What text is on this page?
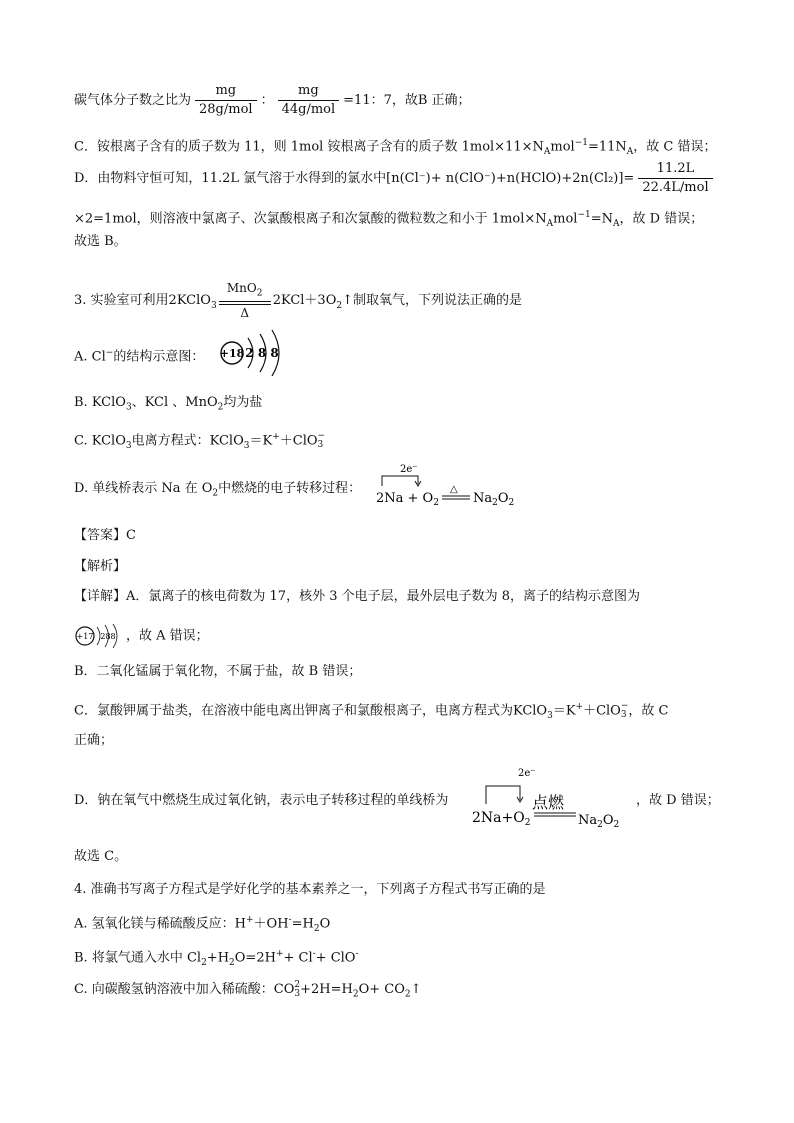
碳气体分子数之比为 $\frac{mg}{\text{28g/mol}}$ ： $\frac{mg}{\text{44g/mol}} =11$：7，故B 正确；
C．铵根离子含有的质子数为 11，则 1mol 铵根离子含有的质子数 $1mol\times 11\times N_Amol^{-1}=11N_A$，故 C 错误；
D．由物料守恒可知，11.2L 氯气溶于水得到的氯水中[n(Cl⁻)+ n(ClO⁻)+n(HClO)+2n(Cl₂)]= $\frac{11.2L}{\text{22.4L/mol}}$
×2=1mol，则溶液中氯离子、次氯酸根离子和次氯酸的微粒数之和小于 $1mol\times N_Amol^{-1}=N_A$，故 D 错误；
故选 B。
3. 实验室可利用2KClO$_3$
MnO$_2$
Δ
$2KCl+3O_2↑$制取氧气，下列说法正确的是
A. Cl−的结构示意图： +18 2 8 8
B. KClO$_3$、KCl 、MnO$_2$均为盐
C. KClO$_3$电离方程式：KClO$_3$＝K+＋ClO −
3
D. 单线桥表示 Na 在 $O_2$中燃烧的电子转移过程：
2e⁻
$2Na + O_2$
△
$Na_2O_2$
【答案】C
【解析】
【详解】A．氯离子的核电荷数为 17，核外 3 个电子层，最外层电子数为 8，离子的结构示意图为
+17 288 ，故 A 错误；
B．二氧化锰属于氧化物，不属于盐，故 B 错误；
C．氯酸钾属于盐类，在溶液中能电离出钾离子和氯酸根离子，电离方程式为KClO$_3$＝K+＋ClO −
3 ，故 C
正确；
D．钠在氧气中燃烧生成过氧化钠，表示电子转移过程的单线桥为
2e⁻
$2Na+O_2$
点燃
$Na_2O_2$
，故 D 错误；
故选 C。
4. 准确书写离子方程式是学好化学的基本素养之一，下列离子方程式书写正确的是
A. 氢氧化镁与稀硫酸反应：$H^++OH^-=H_2O$
B. 将氯气通入水中 $Cl_2+H_2O=2H^++ Cl^-+ ClO^-$
C. 向碳酸氢钠溶液中加入稀硫酸：CO 2
$3 +2H=H_2O+$ $CO_2↑$
